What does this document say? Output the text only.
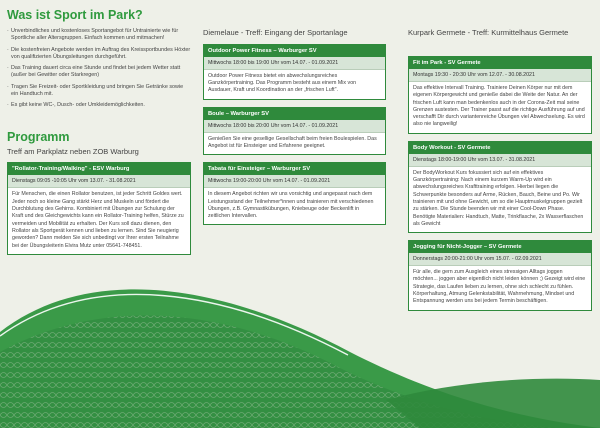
Was ist Sport im Park?
· Unverbindliches und kostenloses Sportangebot für Untrainierte wie für Sportliche aller Altersgruppen. Einfach kommen und mitmachen!
· Die kostenfreien Angebote werden im Auftrag des Kreissportbundes Höxter von qualifizierten Übungsleitungen durchgeführt.
· Das Training dauert circa eine Stunde und findet bei jedem Wetter statt (außer bei Gewitter oder Starkregen)
· Tragen Sie Freizeit- oder Sportkleidung und bringen Sie Getränke sowie ein Handtuch mit.
· Es gibt keine WC-, Dusch- oder Umkleidemöglichkeiten.
Programm
Treff am Parkplatz neben ZOB Warburg
"Rollator-Training/Walking" - ESV Warburg
Dienstags 09:05 -10:05 Uhr vom 13.07. - 31.08.2021
Für Menschen, die einen Rollator benutzen, ist jeder Schritt Goldes wert. Jeder noch so kleine Gang stärkt Herz und Muskeln und fördert die Durchblutung des Gehirns. Kombiniert mit Übungen zur Schulung der Kraft und des Gleichgewichts kann ein Rollator-Training helfen, Stürze zu vermeiden und Mobilität zu erhalten. Der Kurs soll dazu dienen, den Rollator als Sportgerät kennen und lieben zu lernen. Sind Sie neugierig geworden? Dann melden Sie sich unbedingt vor Ihrer ersten Teilnahme bei der Übungsleiterin Elvira Mutz unter 05641-748451.
Diemelaue - Treff: Eingang der Sportanlage
Outdoor Power Fitness – Warburger SV
Mittwochs 18:00 bis 19:00 Uhr vom 14.07. - 01.09.2021
Outdoor Power Fitness bietet ein abwechslungsreiches Ganzkörpertraining. Das Programm besteht aus einem Mix von Ausdauer, Kraft und Koordination an der „frischen Luft".
Boule – Warburger SV
Mittwochs 18:00 bis 20:00 Uhr vom 14.07. - 01.09.2021
Genießen Sie eine gesellige Gesellschaft beim freien Boulespielen. Das Angebot ist für Einsteiger und Erfahrene geeignet.
Tabata für Einsteiger – Warburger SV
Mittwochs 19:00-20:00 Uhr vom 14.07. - 01.09.2021
In diesem Angebot richten wir uns vorsichtig und angepasst nach dem Leistungsstand der Teilnehmer*innen und trainieren mit verschiedenen Übungen, z.B. Gymnastikübungen, Kniebeuge oder Beckenlift in zeitlichen Intervallen.
Kurpark Germete - Treff: Kurmittelhaus Germete
Fit im Park - SV Germete
Montags 19:30 - 20:30 Uhr vom 12.07. - 30.08.2021
Das effektive Intervall Training. Trainiere Deinen Körper nur mit dem eigenen Körpergewicht und genieße dabei die Weite der Natur. An der frischen Luft kann man bedenkenlos auch in der Corona-Zeit mal seine Grenzen austesten. Der Trainer passt auf die richtige Ausführung auf und verschafft Dir durch variantenreiche Übungen viel Abwechselung. Es wird also nie langweilig!
Body Workout - SV Germete
Dienstags 18:00-19:00 Uhr vom 13.07. - 31.08.2021
Der BodyWorkout Kurs fokussiert sich auf ein effektives Ganzkörpertraining: Nach einem kurzem Warm-Up wird ein abwechslungsreiches Krafttraining erfolgen. Hierbei liegen die Schwerpunkte besonders auf Arme, Rücken, Bauch, Beine und Po. Wir trainieren mit und ohne Gewicht, um so die Hauptmuskelgruppen gezielt zu stärken. Die Stunde beenden wir mit einer Cool-Down Phase. Benötigte Materialien: Handtuch, Matte, Trinkflasche, 2x Wasserflaschen als Gewicht
Jogging für Nicht-Jogger – SV Germete
Donnerstags 20:00-21:00 Uhr vom 15.07. - 02.09.2021
Für alle, die gern zum Ausgleich eines stressigen Alltags joggen möchten... joggen aber eigentlich nicht leiden können ;) Gezeigt wird eine Strategie, das Laufen lieben zu lernen, ohne sich schlecht zu fühlen. Körperhaltung, Atmung Gelenkstabilität, Wahrnehmung, Mindset und Entspannung werden uns bei jedem Termin beschäftigen.
